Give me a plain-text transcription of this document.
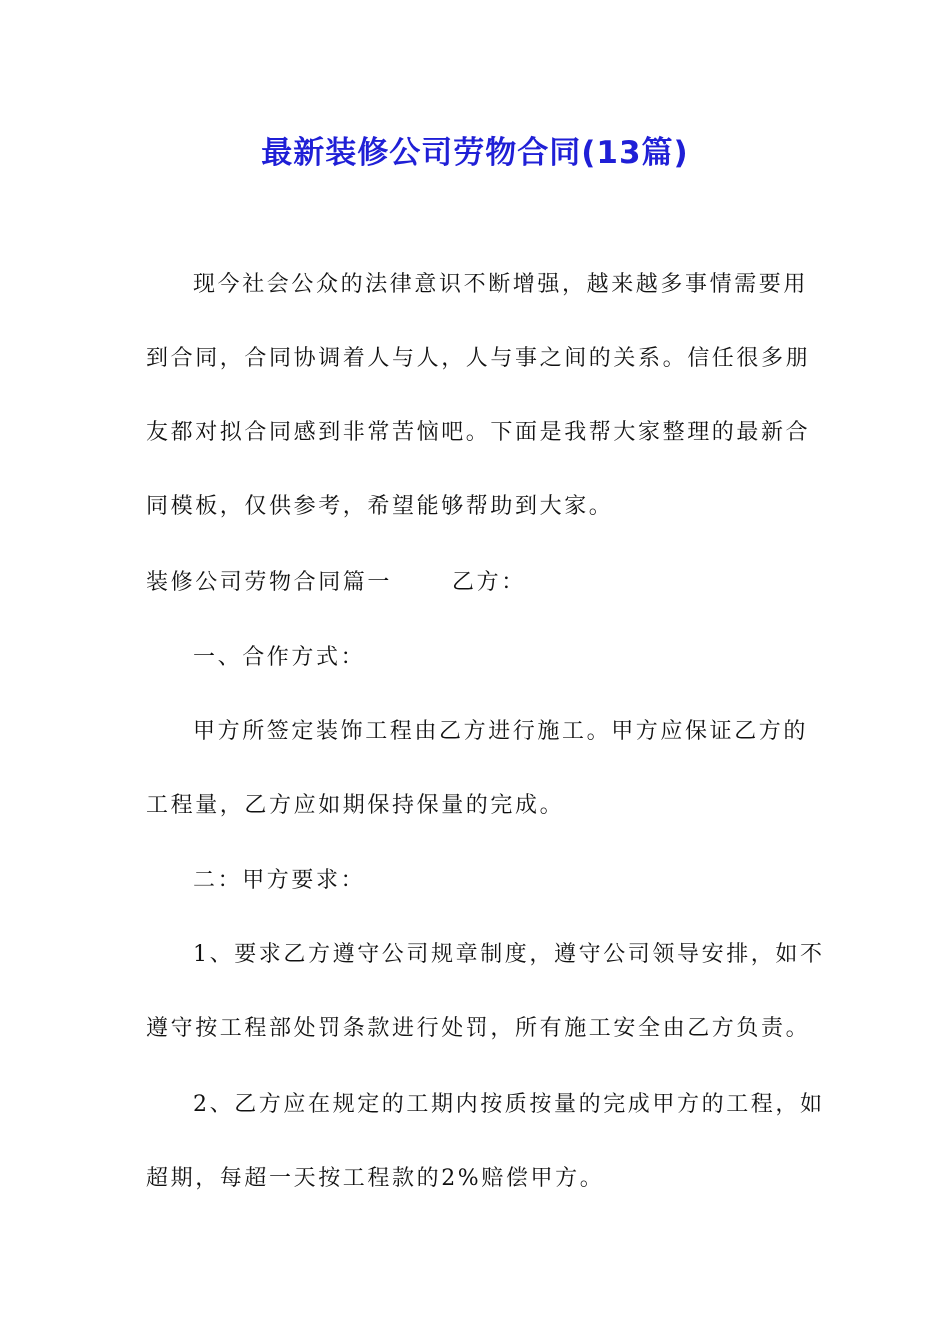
最新装修公司劳物合同(13篇)

现今社会公众的法律意识不断增强，越来越多事情需要用

到合同，合同协调着人与人，人与事之间的关系。信任很多朋

友都对拟合同感到非常苦恼吧。下面是我帮大家整理的最新合

同模板，仅供参考，希望能够帮助到大家。

装修公司劳物合同篇一	乙方：

一、合作方式：

甲方所签定装饰工程由乙方进行施工。甲方应保证乙方的

工程量，乙方应如期保持保量的完成。

二：甲方要求：

1、要求乙方遵守公司规章制度，遵守公司领导安排，如不

遵守按工程部处罚条款进行处罚，所有施工安全由乙方负责。

2、乙方应在规定的工期内按质按量的完成甲方的工程，如

超期，每超一天按工程款的2%赔偿甲方。
